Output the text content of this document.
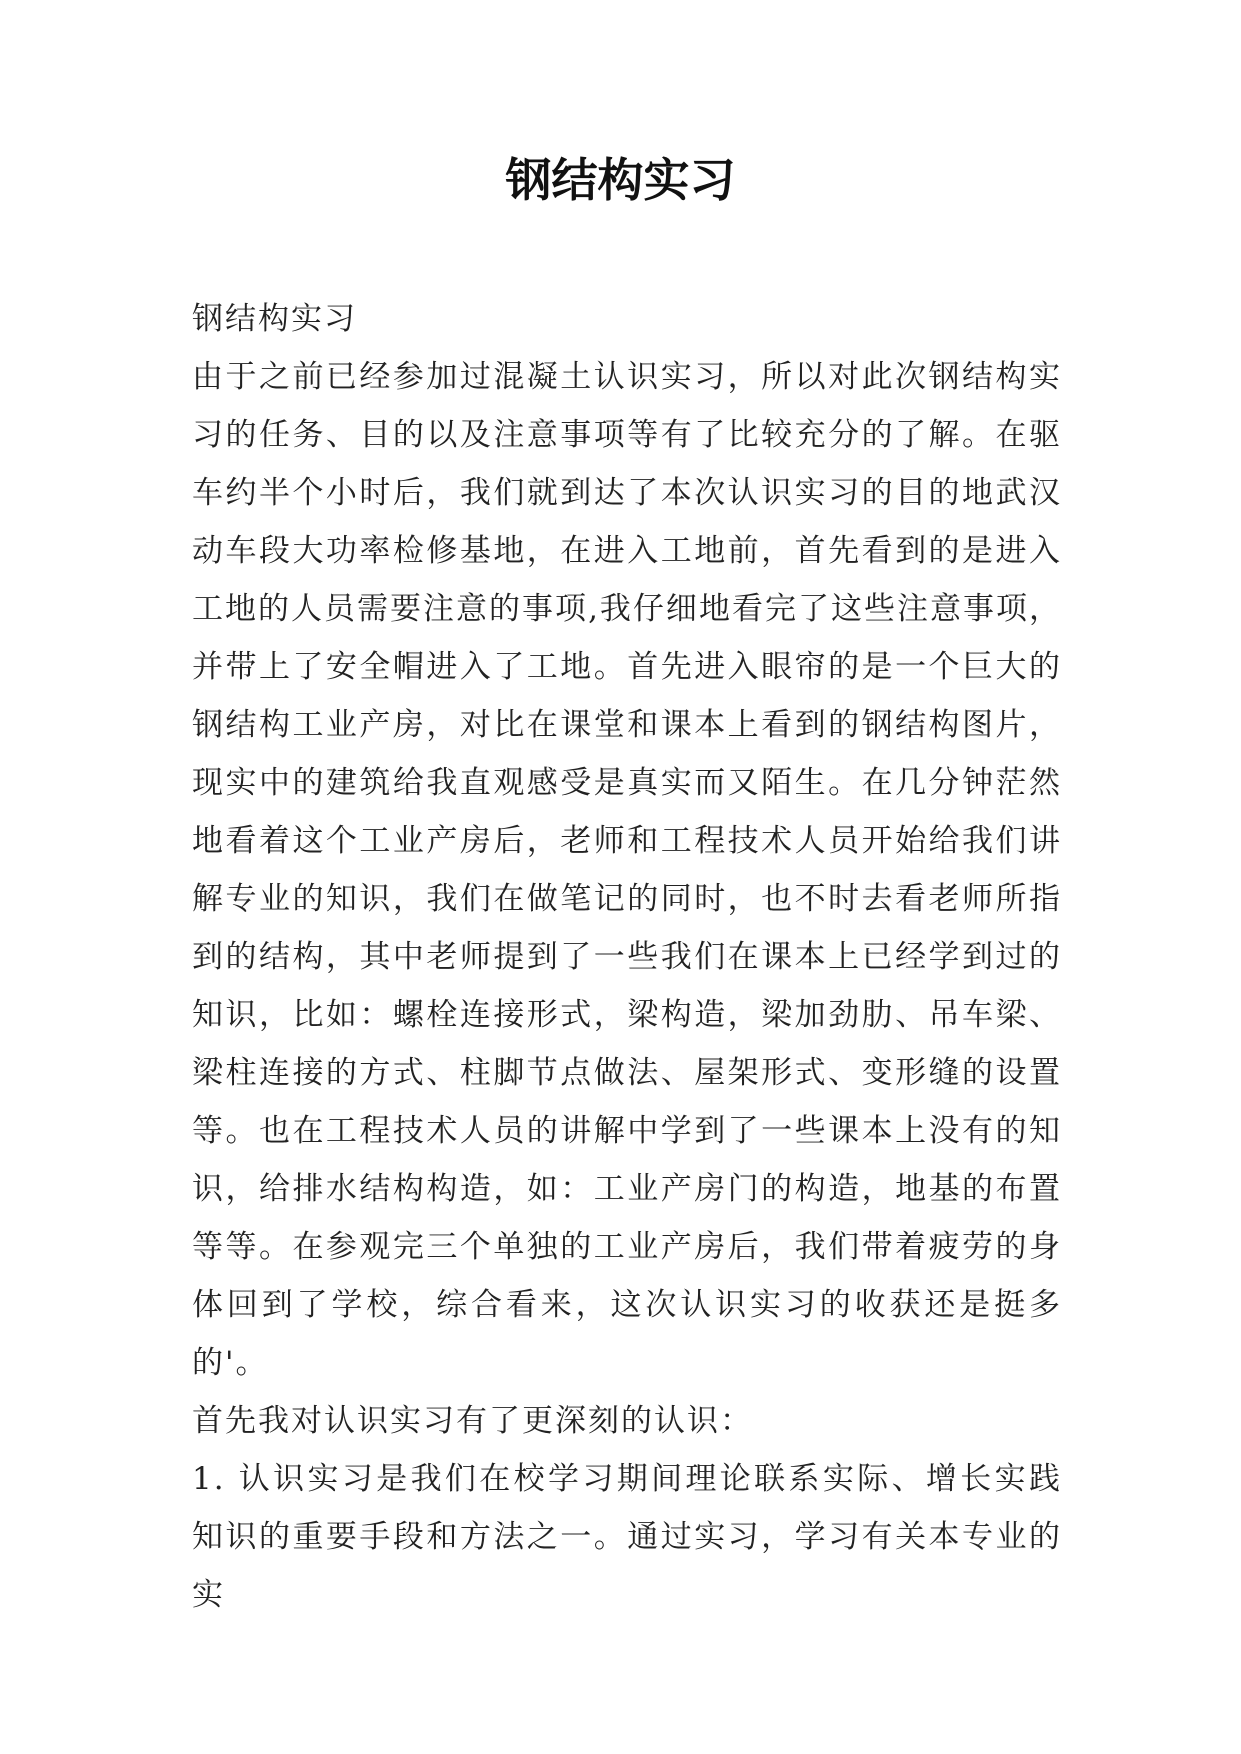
钢结构实习

钢结构实习

由于之前已经参加过混凝土认识实习，所以对此次钢结构实习的任务、目的以及注意事项等有了比较充分的了解。在驱车约半个小时后，我们就到达了本次认识实习的目的地武汉动车段大功率检修基地，在进入工地前，首先看到的是进入工地的人员需要注意的事项,我仔细地看完了这些注意事项，并带上了安全帽进入了工地。首先进入眼帘的是一个巨大的钢结构工业产房，对比在课堂和课本上看到的钢结构图片，现实中的建筑给我直观感受是真实而又陌生。在几分钟茫然地看着这个工业产房后，老师和工程技术人员开始给我们讲解专业的知识，我们在做笔记的同时，也不时去看老师所指到的结构，其中老师提到了一些我们在课本上已经学到过的知识，比如：螺栓连接形式，梁构造，梁加劲肋、吊车梁、梁柱连接的方式、柱脚节点做法、屋架形式、变形缝的设置等。也在工程技术人员的讲解中学到了一些课本上没有的知识，给排水结构构造，如：工业产房门的构造，地基的布置等等。在参观完三个单独的工业产房后，我们带着疲劳的身体回到了学校，综合看来，这次认识实习的收获还是挺多的'。

首先我对认识实习有了更深刻的认识：

1. 认识实习是我们在校学习期间理论联系实际、增长实践知识的重要手段和方法之一。通过实习，学习有关本专业的实
